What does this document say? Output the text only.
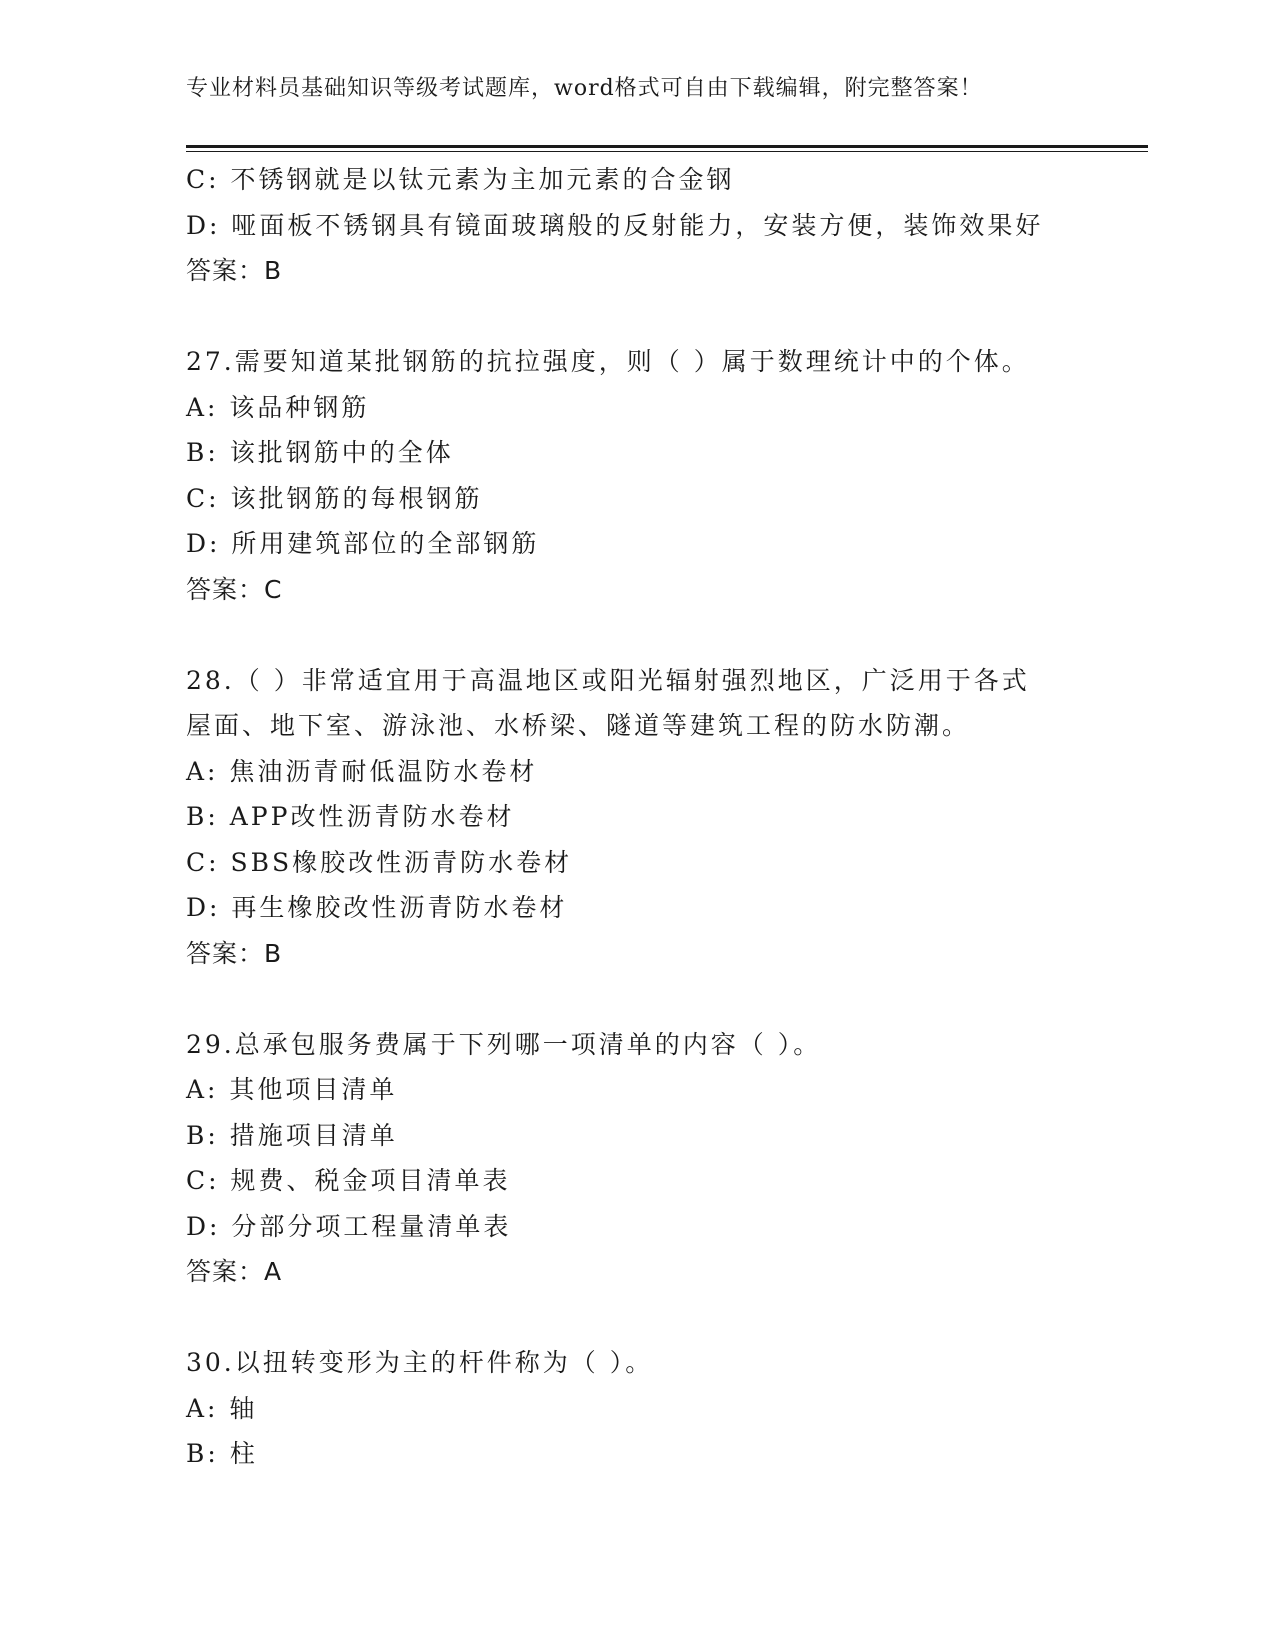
专业材料员基础知识等级考试题库，word格式可自由下载编辑，附完整答案！
C: 不锈钢就是以钛元素为主加元素的合金钢
D: 哑面板不锈钢具有镜面玻璃般的反射能力，安装方便，装饰效果好
答案：B
27.需要知道某批钢筋的抗拉强度，则（ ）属于数理统计中的个体。
A: 该品种钢筋
B: 该批钢筋中的全体
C: 该批钢筋的每根钢筋
D: 所用建筑部位的全部钢筋
答案：C
28.（ ）非常适宜用于高温地区或阳光辐射强烈地区，广泛用于各式
屋面、地下室、游泳池、水桥梁、隧道等建筑工程的防水防潮。
A: 焦油沥青耐低温防水卷材
B: APP改性沥青防水卷材
C: SBS橡胶改性沥青防水卷材
D: 再生橡胶改性沥青防水卷材
答案：B
29.总承包服务费属于下列哪一项清单的内容（ ）。
A: 其他项目清单
B: 措施项目清单
C: 规费、税金项目清单表
D: 分部分项工程量清单表
答案：A
30.以扭转变形为主的杆件称为（ ）。
A: 轴
B: 柱
